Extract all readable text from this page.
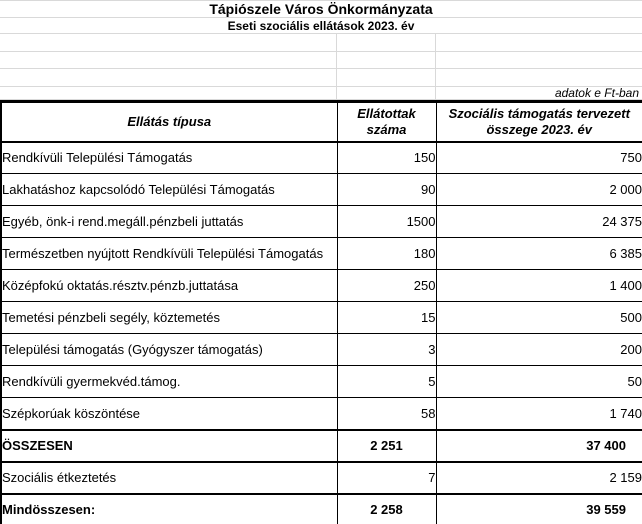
Tápiószele Város Önkormányzata
Eseti szociális ellátások 2023. év
adatok e Ft-ban
Ellátás típusa	Ellátottak száma	Szociális támogatás tervezett összege 2023. év
Rendkívüli Települési Támogatás	150	750
Lakhatáshoz kapcsolódó Települési Támogatás	90	2 000
Egyéb, önk-i rend.megáll.pénzbeli juttatás	1500	24 375
Természetben nyújtott Rendkívüli Települési Támogatás	180	6 385
Középfokú oktatás.résztv.pénzb.juttatása	250	1 400
Temetési pénzbeli segély, köztemetés	15	500
Települési támogatás (Gyógyszer támogatás)	3	200
Rendkívüli gyermekvéd.támog.	5	50
Szépkorúak köszöntése	58	1 740
ÖSSZESEN	2 251	37 400
Szociális étkeztetés	7	2 159
Mindösszesen:	2 258	39 559
